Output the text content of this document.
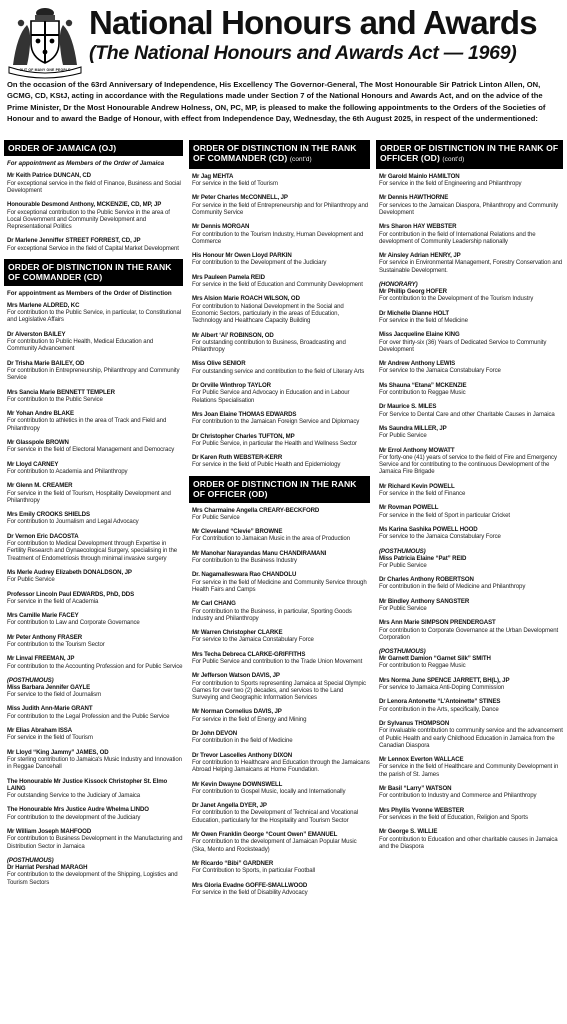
National Honours and Awards
(The National Honours and Awards Act — 1969)
On the occasion of the 63rd Anniversary of Independence, His Excellency The Governor-General, The Most Honourable Sir Patrick Linton Allen, ON, GCMG, CD, KStJ, acting in accordance with the Regulations made under Section 7 of the National Honours and Awards Act, and on the advice of the Prime Minister, Dr the Most Honourable Andrew Holness, ON, PC, MP, is pleased to make the following appointments to the Orders of the Societies of Honour and to award the Badge of Honour, with effect from Independence Day, Wednesday, the 6th August 2025, in respect of the undermentioned:
OUT OF MANY ONE PEOPLE
ORDER OF JAMAICA (OJ)
For appointment as Members of the Order of Jamaica
Mr Keith Patrice DUNCAN, CD
For exceptional service in the field of Finance, Business and Social Development
Honourable Desmond Anthony, MCKENZIE, CD, MP, JP
For exceptional contribution to the Public Service in the area of Local Government and Community Development and Representational Politics
Dr Marlene Jenniffer STREET FORREST, CD, JP
For exceptional Service in the field of Capital Market Development
ORDER OF DISTINCTION IN THE RANK OF COMMANDER (CD)
For appointment as Members of the Order of Distinction
Mrs Marlene ALDRED, KC
For contribution to the Public Service, in particular, to Constitutional and Legislative Affairs
Dr Alverston BAILEY
For contribution to Public Health, Medical Education and Community Advancement
Dr Trisha Marie BAILEY, OD
For contribution in Entrepreneurship, Philanthropy and Community Service
Mrs Sancia Marie BENNETT TEMPLER
For contribution to the Public Service
Mr Yohan Andre BLAKE
For contribution to athletics in the area of Track and Field and Philanthropy
Mr Glasspole BROWN
For service in the field of Electoral Management and Democracy
Mr Lloyd CARNEY
For contribution to Academia and Philanthropy
Mr Glenn M. CREAMER
For service in the field of Tourism, Hospitality Development and Philanthropy
Mrs Emily CROOKS SHIELDS
For contribution to Journalism and Legal Advocacy
Dr Vernon Eric DACOSTA
For contribution to Medical Development through Expertise in Fertility Research and Gynaecological Surgery, specialising in the Treatment of Endometriosis through minimal invasive surgery
Ms Merle Audrey Elizabeth DONALDSON, JP
For Public Service
Professor Lincoln Paul EDWARDS, PhD, DDS
For service in the field of Academia
Mrs Camille Marie FACEY
For contribution to Law and Corporate Governance
Mr Peter Anthony FRASER
For contribution to the Tourism Sector
Mr Linval FREEMAN, JP
For contribution to the Accounting Profession and for Public Service
(POSTHUMOUS)
Miss Barbara Jennifer GAYLE
For service to the field of Journalism
Miss Judith Ann-Marie GRANT
For contribution to the Legal Profession and the Public Service
Mr Elias Abraham ISSA
For service in the field of Tourism
Mr Lloyd “King Jammy” JAMES, OD
For sterling contribution to Jamaica's Music Industry and Innovation in Reggae Dancehall
The Honourable Mr Justice Kissock Christopher St. Elmo LAING
For outstanding Service to the Judiciary of Jamaica
The Honourable Mrs Justice Audre Whelma LINDO
For contribution to the development of the Judiciary
Mr William Joseph MAHFOOD
For contribution to Business Development in the Manufacturing and Distribution Sector in Jamaica
(POSTHUMOUS)
Dr Harriat Pershad MARAGH
For contribution to the development of the Shipping, Logistics and Tourism Sectors
ORDER OF DISTINCTION IN THE RANK OF COMMANDER (CD) (cont'd)
Mr Jag MEHTA
For service in the field of Tourism
Mr Peter Charles McCONNELL, JP
For service in the field of Entrepreneurship and for Philanthropy and Community Service
Mr Dennis MORGAN
For contribution to the Tourism Industry, Human Development and Commerce
His Honour Mr Owen Lloyd PARKIN
For contribution to the Development of the Judiciary
Mrs Pauleen Pamela REID
For service in the field of Education and Community Development
Mrs Alsion Marie ROACH WILSON, OD
For contribution to National Development in the Social and Economic Sectors, particularly in the areas of Education, Technology and Healthcare Capacity Building
Mr Albert ‘Al’ ROBINSON, OD
For outstanding contribution to Business, Broadcasting and Philanthropy
Miss Olive SENIOR
For outstanding service and contribution to the field of Literary Arts
Dr Orville Winthrop TAYLOR
For Public Service and Advocacy in Education and in Labour Relations Specialisation
Mrs Joan Elaine THOMAS EDWARDS
For contribution to the Jamaican Foreign Service and Diplomacy
Dr Christopher Charles TUFTON, MP
For Public Service, in particular the Health and Wellness Sector
Dr Karen Ruth WEBSTER-KERR
For service in the field of Public Health and Epidemiology
ORDER OF DISTINCTION IN THE RANK OF OFFICER (OD)
Mrs Charmaine Angella CREARY-BECKFORD
For Public Service
Mr Cleveland “Clevie” BROWNE
For Contribution to Jamaican Music in the area of Production
Mr Manohar Narayandas Manu CHANDIRAMANI
For contribution to the Business Industry
Dr. Nagamalleswara Rao CHANDOLU
For service in the field of Medicine and Community Service through Health Fairs and Camps
Mr Carl CHANG
For contribution to the Business, in particular, Sporting Goods Industry and Philanthropy
Mr Warren Christopher CLARKE
For service to the Jamaica Constabulary Force
Mrs Techa Debreca CLARKE-GRIFFITHS
For Public Service and contribution to the Trade Union Movement
Mr Jefferson Watson DAVIS, JP
For contribution to Sports representing Jamaica at Special Olympic Games for over two (2) decades, and services to the Land Surveying and Geographic Information Services
Mr Norman Cornelius DAVIS, JP
For service in the field of Energy and Mining
Dr John DEVON
For contribution in the field of Medicine
Dr Trevor Lascelles Anthony DIXON
For contribution to Healthcare and Education through the Jamaicans Abroad Helping Jamaicans at Home Foundation.
Mr Kevin Dwayne DOWNSWELL
For contribution to Gospel Music, locally and Internationally
Dr Janet Angella DYER, JP
For contribution to the Development of Technical and Vocational Education, particularly for the Hospitality and Tourism Sector
Mr Owen Franklin George “Count Owen” EMANUEL
For contribution to the development of Jamaican Popular Music (Ska, Mento and Rocksteady)
Mr Ricardo “Bibi” GARDNER
For Contribution to Sports, in particular Football
Mrs Gloria Evadne GOFFE-SMALLWOOD
For service in the field of Disability Advocacy
ORDER OF DISTINCTION IN THE RANK OF OFFICER (OD) (cont'd)
Mr Garold Mainlo HAMILTON
For service in the field of Engineering and Philanthropy
Mr Dennis HAWTHORNE
For services to the Jamaican Diaspora, Philanthropy and Community Development
Mrs Sharon HAY WEBSTER
For contribution in the field of International Relations and the development of Community Leadership nationally
Mr Ainsley Adrian HENRY, JP
For service in Environmental Management, Forestry Conservation and Sustainable Development.
(HONORARY)
Mr Phillip Georg HOFER
For contribution to the Development of the Tourism Industry
Dr Michelle Dianne HOLT
For service in the field of Medicine
Miss Jacqueline Elaine KING
For over thirty-six (36) Years of Dedicated Service to Community Development
Mr Andrew Anthony LEWIS
For service to the Jamaica Constabulary Force
Ms Shauna “Etana” MCKENZIE
For contribution to Reggae Music
Dr Maurice S. MILES
For Service to Dental Care and other Charitable Causes in Jamaica
Ms Saundra MILLER, JP
For Public Service
Mr Errol Anthony MOWATT
For forty-one (41) years of service to the field of Fire and Emergency Service and for contributing to the continuous Development of the Jamaica Fire Brigade
Mr Richard Kevin POWELL
For service in the field of Finance
Mr Rovman POWELL
For service in the field of Sport in particular Cricket
Ms Karina Sashika POWELL HOOD
For service to the Jamaica Constabulary Force
(POSTHUMOUS)
Miss Patricia Elaine “Pat” REID
For Public Service
Dr Charles Anthony ROBERTSON
For contribution in the field of Medicine and Philanthropy
Mr Bindley Anthony SANGSTER
For Public Service
Mrs Ann Marie SIMPSON PRENDERGAST
For contribution to Corporate Governance at the Urban Development Corporation
(POSTHUMOUS)
Mr Garnett Damion “Garnet Silk” SMITH
For contribution to Reggae Music
Mrs Norma June SPENCE JARRETT, BH(L), JP
For service to Jamaica Anti-Doping Commission
Dr Lenora Antonette “L'Antoinette” STINES
For contribution in the Arts, specifically, Dance
Dr Sylvanus THOMPSON
For invaluable contribution to community service and the advancement of Public Health and early Childhood Education in Jamaica from the Canadian Diaspora
Mr Lennox Everton WALLACE
For service in the field of Healthcare and Community Development in the parish of St. James
Mr Basil “Larry” WATSON
For contribution to Industry and Commerce and Philanthropy
Mrs Phyllis Yvonne WEBSTER
For services in the field of Education, Religion and Sports
Mr George S. WILLIE
For contribution to Education and other charitable causes in Jamaica and the Diaspora
